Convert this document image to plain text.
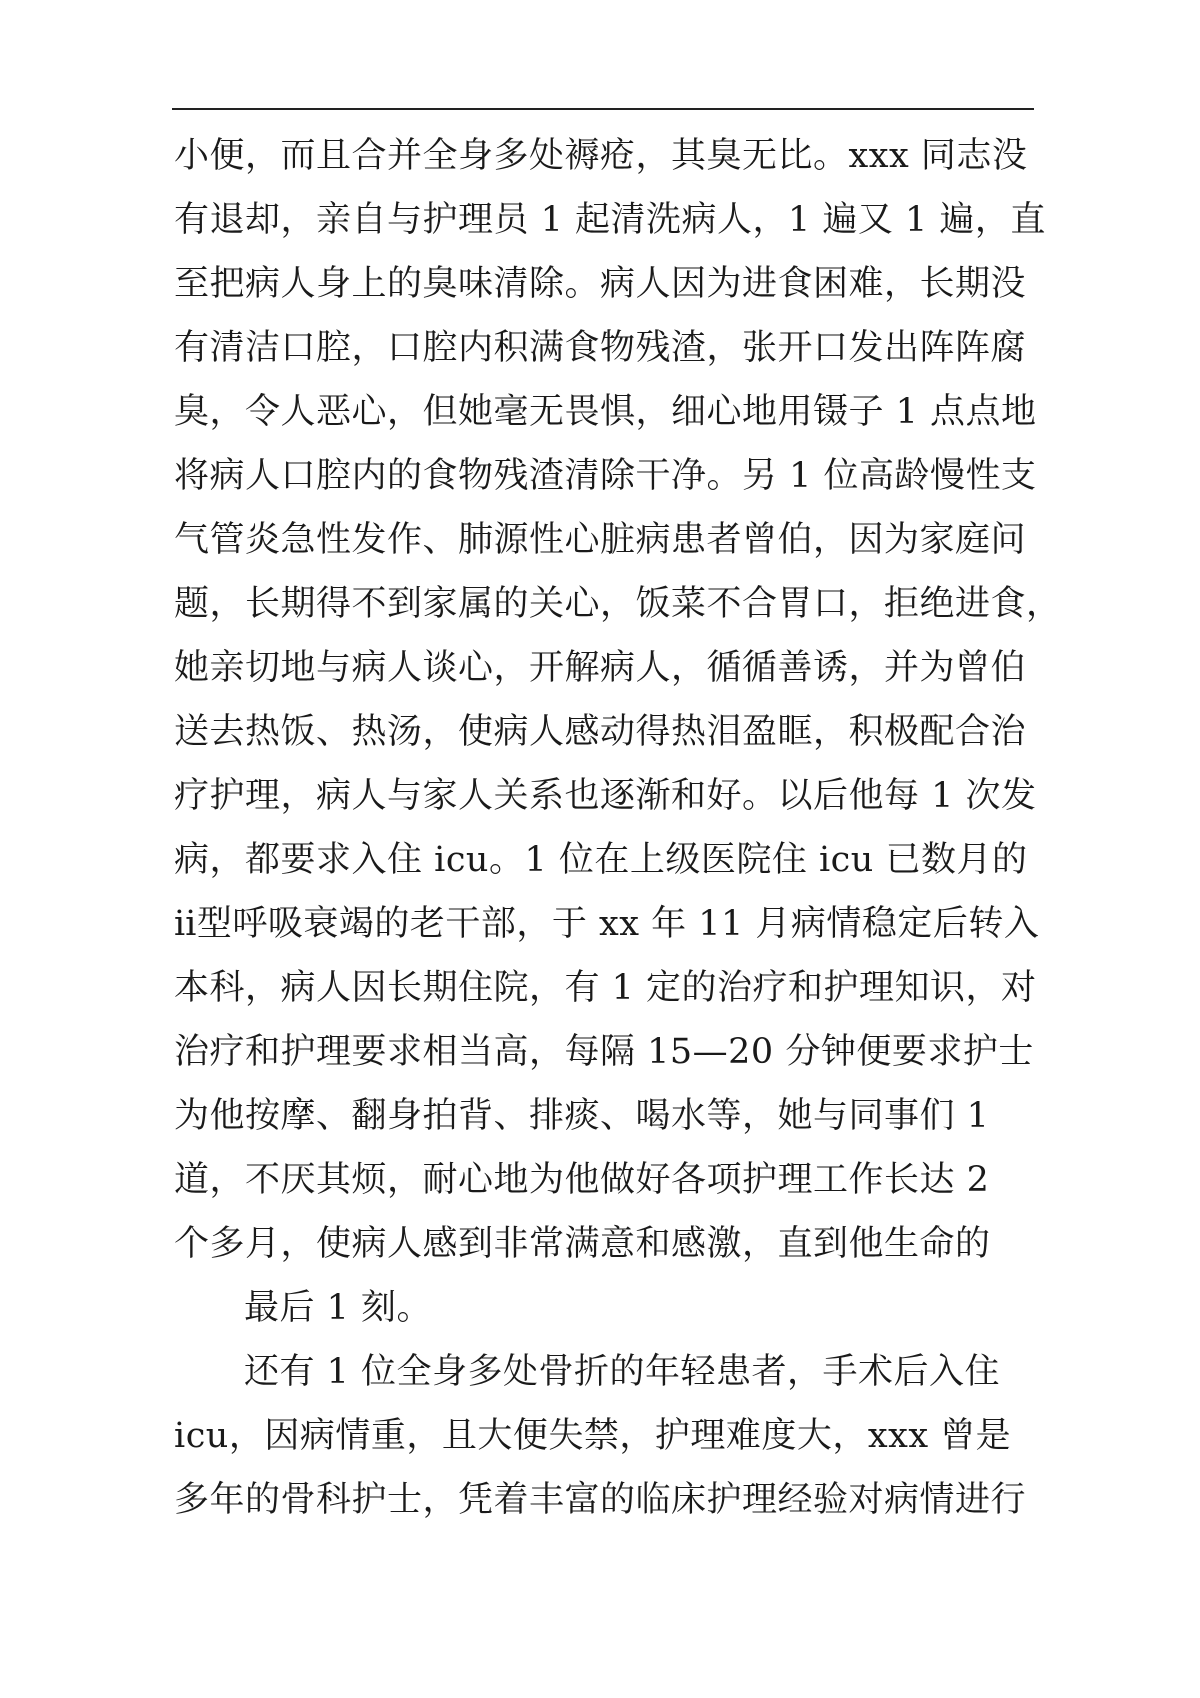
小便，而且合并全身多处褥疮，其臭无比。xxx 同志没
有退却，亲自与护理员 1 起清洗病人，1 遍又 1 遍，直
至把病人身上的臭味清除。病人因为进食困难，长期没
有清洁口腔，口腔内积满食物残渣，张开口发出阵阵腐
臭，令人恶心，但她毫无畏惧，细心地用镊子 1 点点地
将病人口腔内的食物残渣清除干净。另 1 位高龄慢性支
气管炎急性发作、肺源性心脏病患者曾伯，因为家庭问
题，长期得不到家属的关心，饭菜不合胃口，拒绝进食，
她亲切地与病人谈心，开解病人，循循善诱，并为曾伯
送去热饭、热汤，使病人感动得热泪盈眶，积极配合治
疗护理，病人与家人关系也逐渐和好。以后他每 1 次发
病，都要求入住 icu。1 位在上级医院住 icu 已数月的
ⅱ型呼吸衰竭的老干部，于 xx 年 11 月病情稳定后转入
本科，病人因长期住院，有 1 定的治疗和护理知识，对
治疗和护理要求相当高，每隔 15—20 分钟便要求护士
为他按摩、翻身拍背、排痰、喝水等，她与同事们 1
道，不厌其烦，耐心地为他做好各项护理工作长达 2
个多月，使病人感到非常满意和感激，直到他生命的
最后 1 刻。
还有 1 位全身多处骨折的年轻患者，手术后入住
icu，因病情重，且大便失禁，护理难度大，xxx 曾是
多年的骨科护士，凭着丰富的临床护理经验对病情进行
